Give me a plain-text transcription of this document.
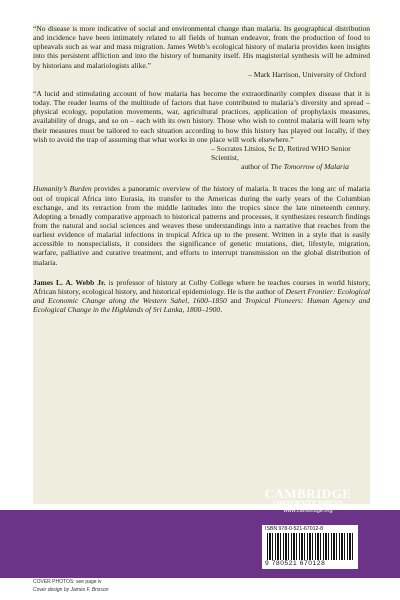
“No disease is more indicative of social and environmental change than malaria. Its geographical distribution and incidence have been intimately related to all fields of human endeavor, from the production of food to upheavals such as war and mass migration. James Webb’s ecological history of malaria provides keen insights into this persistent affliction and into the history of humanity itself. His magisterial synthesis will be admired by historians and malariologists alike.”

– Mark Harrison, University of Oxford

“A lucid and stimulating account of how malaria has become the extraordinarily complex disease that it is today. The reader learns of the multitude of factors that have contributed to malaria’s diversity and spread – physical ecology, population movements, war, agricultural practices, application of prophylaxis measures, availability of drugs, and so on – each with its own history. Those who wish to control malaria will learn why their measures must be tailored to each situation according to how this history has played out locally, if they wish to avoid the trap of assuming that what works in one place will work elsewhere.”

– Socrates Litsios, Sc D, Retired WHO Senior Scientist,

author of The Tomorrow of Malaria

Humanity’s Burden provides a panoramic overview of the history of malaria. It traces the long arc of malaria out of tropical Africa into Eurasia, its transfer to the Americas during the early years of the Columbian exchange, and its retraction from the middle latitudes into the tropics since the late nineteenth century. Adopting a broadly comparative approach to historical patterns and processes, it synthesizes research findings from the natural and social sciences and weaves these understandings into a narrative that reaches from the earliest evidence of malarial infections in tropical Africa up to the present. Written in a style that is easily accessible to nonspecialists, it considers the significance of genetic mutations, diet, lifestyle, migration, warfare, palliative and curative treatment, and efforts to interrupt transmission on the global distribution of malaria.

James L. A. Webb Jr. is professor of history at Colby College where he teaches courses in world history, African history, ecological history, and historical epidemiology. He is the author of Desert Frontier: Ecological and Economic Change along the Western Sahel, 1600–1850 and Tropical Pioneers: Human Agency and Ecological Change in the Highlands of Sri Lanka, 1800–1900.

CAMBRIDGE
UNIVERSITY PRESS
www.cambridge.org
ISBN 978-0-521-67012-8
9 780521 670128
COVER PHOTOS: see page iv
Cover design by James F. Brisson
